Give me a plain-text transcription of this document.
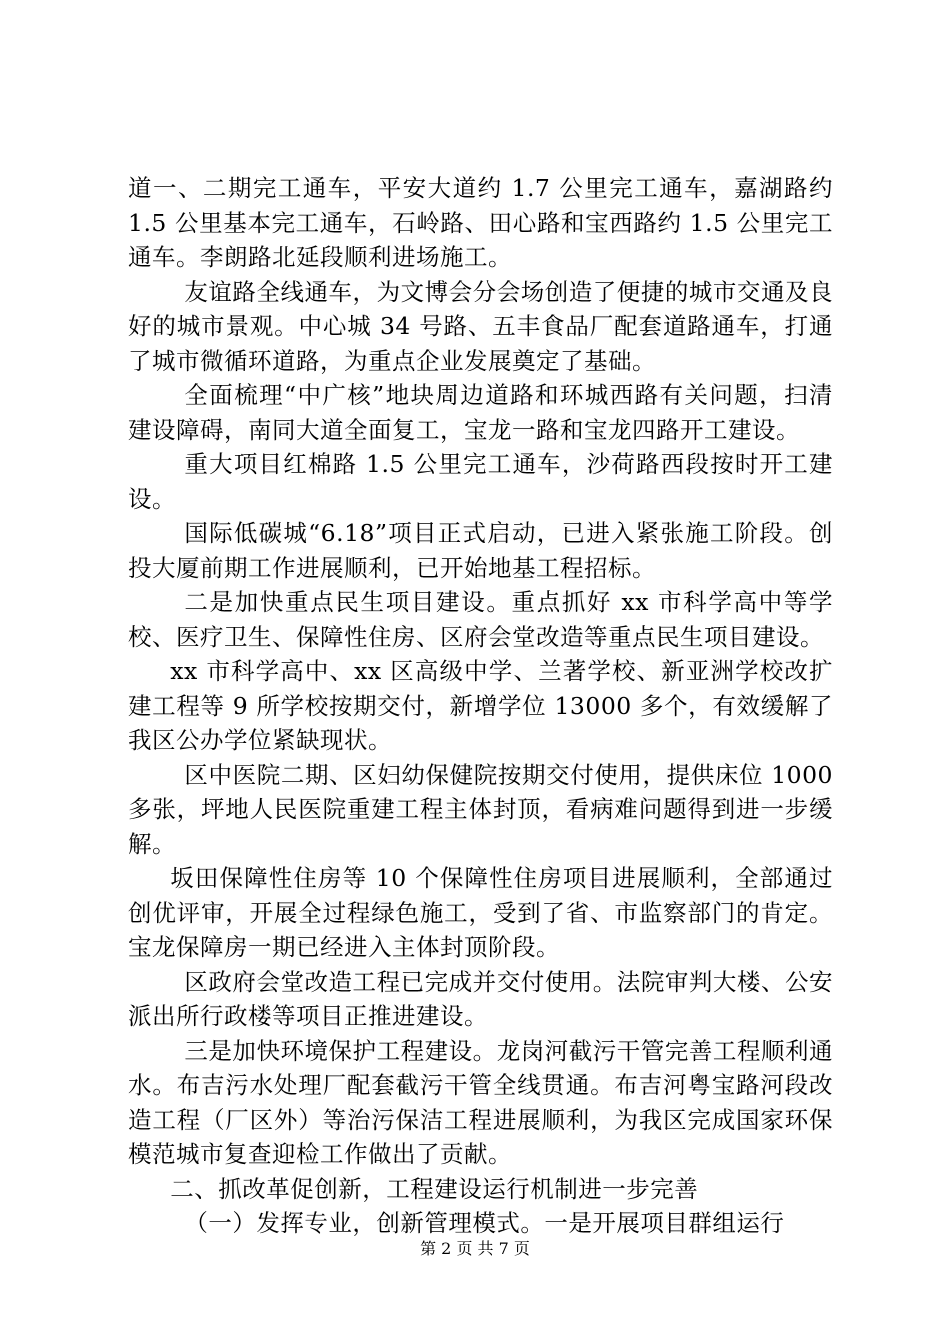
道一、二期完工通车，平安大道约 1.7 公里完工通车，嘉湖路约 1.5 公里基本完工通车，石岭路、田心路和宝西路约 1.5 公里完工通车。李朗路北延段顺利进场施工。

友谊路全线通车，为文博会分会场创造了便捷的城市交通及良好的城市景观。中心城 34 号路、五丰食品厂配套道路通车，打通了城市微循环道路，为重点企业发展奠定了基础。

全面梳理“中广核”地块周边道路和环城西路有关问题，扫清建设障碍，南同大道全面复工，宝龙一路和宝龙四路开工建设。

重大项目红棉路 1.5 公里完工通车，沙荷路西段按时开工建设。

国际低碳城“6.18”项目正式启动，已进入紧张施工阶段。创投大厦前期工作进展顺利，已开始地基工程招标。

二是加快重点民生项目建设。重点抓好 xx 市科学高中等学校、医疗卫生、保障性住房、区府会堂改造等重点民生项目建设。

xx 市科学高中、xx 区高级中学、兰著学校、新亚洲学校改扩建工程等 9 所学校按期交付，新增学位 13000 多个，有效缓解了我区公办学位紧缺现状。

区中医院二期、区妇幼保健院按期交付使用，提供床位 1000 多张，坪地人民医院重建工程主体封顶，看病难问题得到进一步缓解。

坂田保障性住房等 10 个保障性住房项目进展顺利，全部通过创优评审，开展全过程绿色施工，受到了省、市监察部门的肯定。宝龙保障房一期已经进入主体封顶阶段。

区政府会堂改造工程已完成并交付使用。法院审判大楼、公安派出所行政楼等项目正推进建设。

三是加快环境保护工程建设。龙岗河截污干管完善工程顺利通水。布吉污水处理厂配套截污干管全线贯通。布吉河粤宝路河段改造工程（厂区外）等治污保洁工程进展顺利，为我区完成国家环保模范城市复查迎检工作做出了贡献。

二、抓改革促创新，工程建设运行机制进一步完善

（一）发挥专业，创新管理模式。一是开展项目群组运行

第 2 页 共 7 页
